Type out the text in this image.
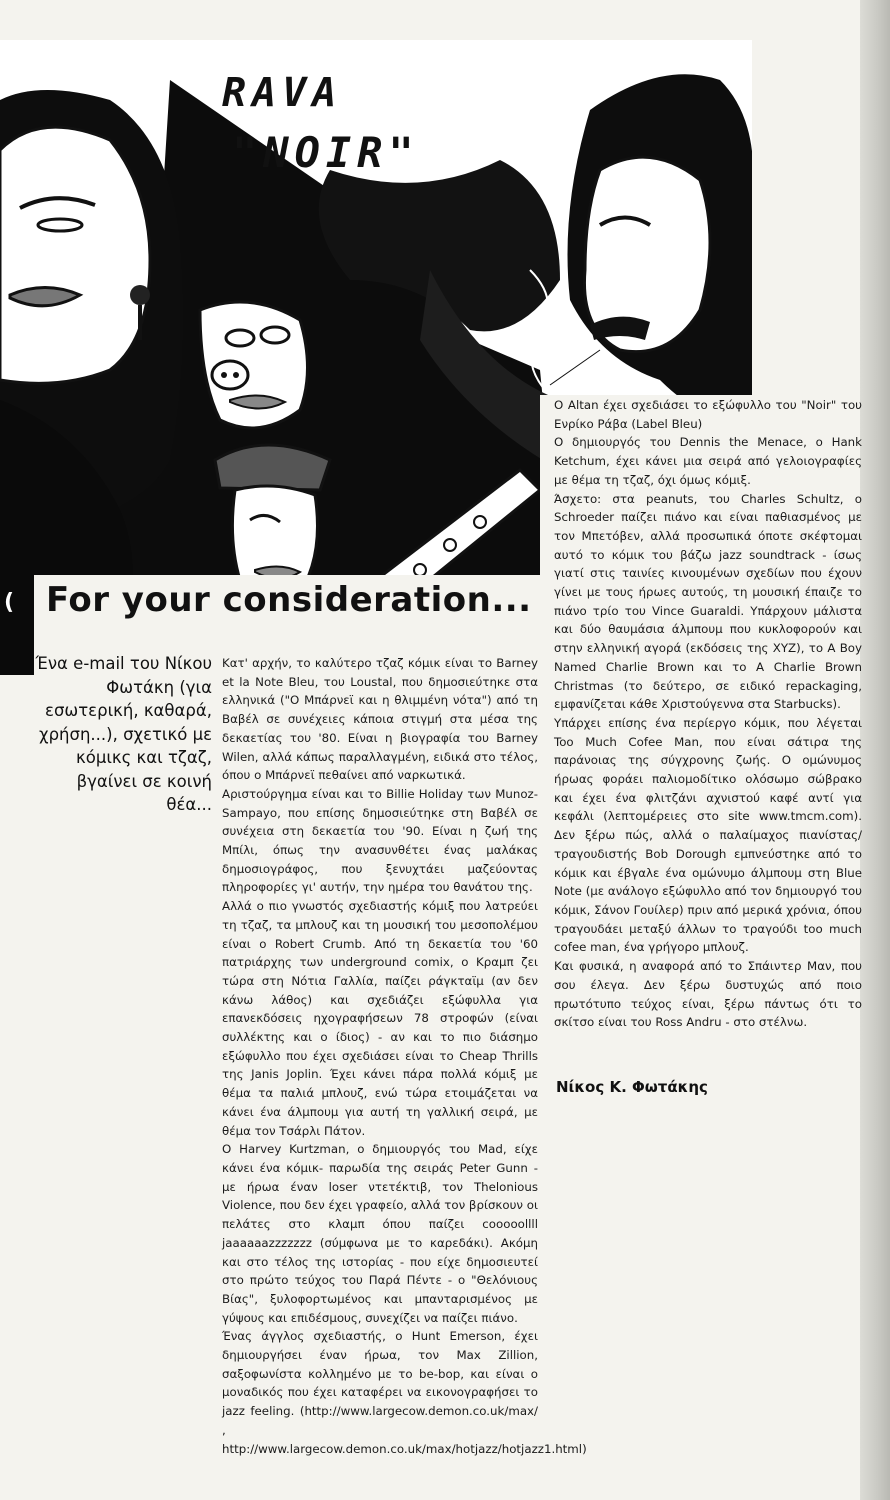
RAVA
"NOIR"
( For your consideration...
Ένα e-mail του Νίκου Φωτάκη (για εσωτερική, καθαρά, χρήση...), σχετικό με κόμικς και τζαζ, βγαίνει σε κοινή θέα...

Κατ' αρχήν, το καλύτερο τζαζ κόμικ είναι το Barney et la Note Bleu, του Loustal, που δημοσιεύτηκε στα ελληνικά ("Ο Μπάρνεϊ και η θλιμμένη νότα") από τη Βαβέλ σε συνέχειες κάποια στιγμή στα μέσα της δεκαετίας του '80. Είναι η βιογραφία του Barney Wilen, αλλά κάπως παραλλαγμένη, ειδικά στο τέλος, όπου ο Μπάρνεϊ πεθαίνει από ναρκωτικά.

Αριστούργημα είναι και το Billie Holiday των Munoz-Sampayo, που επίσης δημοσιεύτηκε στη Βαβέλ σε συνέχεια στη δεκαετία του '90. Είναι η ζωή της Μπίλι, όπως την ανασυνθέτει ένας μαλάκας δημοσιογράφος, που ξενυχτάει μαζεύοντας πληροφορίες γι' αυτήν, την ημέρα του θανάτου της.

Αλλά ο πιο γνωστός σχεδιαστής κόμιξ που λατρεύει τη τζαζ, τα μπλουζ και τη μουσική του μεσοπολέμου είναι ο Robert Crumb. Από τη δεκαετία του '60 πατριάρχης των underground comix, ο Κραμπ ζει τώρα στη Νότια Γαλλία, παίζει ράγκταϊμ (αν δεν κάνω λάθος) και σχεδιάζει εξώφυλλα για επανεκδόσεις ηχογραφήσεων 78 στροφών (είναι συλλέκτης και ο ίδιος) - αν και το πιο διάσημο εξώφυλλο που έχει σχεδιάσει είναι το Cheap Thrills της Janis Joplin. Έχει κάνει πάρα πολλά κόμιξ με θέμα τα παλιά μπλουζ, ενώ τώρα ετοιμάζεται να κάνει ένα άλμπουμ για αυτή τη γαλλική σειρά, με θέμα τον Τσάρλι Πάτον.

Ο Harvey Kurtzman, ο δημιουργός του Mad, είχε κάνει ένα κόμικ- παρωδία της σειράς Peter Gunn - με ήρωα έναν loser ντετέκτιβ, τον Thelonious Violence, που δεν έχει γραφείο, αλλά τον βρίσκουν οι πελάτες στο κλαμπ όπου παίζει cooooollll jaaaaaazzzzzzz (σύμφωνα με το καρεδάκι). Ακόμη και στο τέλος της ιστορίας - που είχε δημοσιευτεί στο πρώτο τεύχος του Παρά Πέντε - ο "Θελόνιους Βίας", ξυλοφορτωμένος και μπανταρισμένος με γύψους και επιδέσμους, συνεχίζει να παίζει πιάνο.

Ένας άγγλος σχεδιαστής, ο Hunt Emerson, έχει δημιουργήσει έναν ήρωα, τον Max Zillion, σαξοφωνίστα κολλημένο με το be-bop, και είναι ο μοναδικός που έχει καταφέρει να εικονογραφήσει το jazz feeling. (http://www.largecow.demon.co.uk/max/ , http://www.largecow.demon.co.uk/max/hotjazz/hotjazz1.html)

Ο Altan έχει σχεδιάσει το εξώφυλλο του "Noir" του Ενρίκο Ράβα (Label Bleu)

Ο δημιουργός του Dennis the Menace, ο Hank Ketchum, έχει κάνει μια σειρά από γελοιογραφίες με θέμα τη τζαζ, όχι όμως κόμιξ.

Άσχετο: στα peanuts, του Charles Schultz, ο Schroeder παίζει πιάνο και είναι παθιασμένος με τον Μπετόβεν, αλλά προσωπικά όποτε σκέφτομαι αυτό το κόμικ του βάζω jazz soundtrack - ίσως γιατί στις ταινίες κινουμένων σχεδίων που έχουν γίνει με τους ήρωες αυτούς, τη μουσική έπαιζε το πιάνο τρίο του Vince Guaraldi. Υπάρχουν μάλιστα και δύο θαυμάσια άλμπουμ που κυκλοφορούν και στην ελληνική αγορά (εκδόσεις της XYZ), το A Boy Named Charlie Brown και το A Charlie Brown Christmas (το δεύτερο, σε ειδικό repackaging, εμφανίζεται κάθε Χριστούγεννα στα Starbucks).

Υπάρχει επίσης ένα περίεργο κόμικ, που λέγεται Too Much Cofee Man, που είναι σάτιρα της παράνοιας της σύγχρονης ζωής. Ο ομώνυμος ήρωας φοράει παλιομοδίτικο ολόσωμο σώβρακο και έχει ένα φλιτζάνι αχνιστού καφέ αντί για κεφάλι (λεπτομέρειες στο site www.tmcm.com). Δεν ξέρω πώς, αλλά ο παλαίμαχος πιανίστας/τραγουδιστής Bob Dorough εμπνεύστηκε από το κόμικ και έβγαλε ένα ομώνυμο άλμπουμ στη Blue Note (με ανάλογο εξώφυλλο από τον δημιουργό του κόμικ, Σάνον Γουίλερ) πριν από μερικά χρόνια, όπου τραγουδάει μεταξύ άλλων το τραγούδι too much cofee man, ένα γρήγορο μπλουζ.

Και φυσικά, η αναφορά από το Σπάιντερ Μαν, που σου έλεγα. Δεν ξέρω δυστυχώς από ποιο πρωτότυπο τεύχος είναι, ξέρω πάντως ότι το σκίτσο είναι του Ross Andru - στο στέλνω.

Νίκος Κ. Φωτάκης
